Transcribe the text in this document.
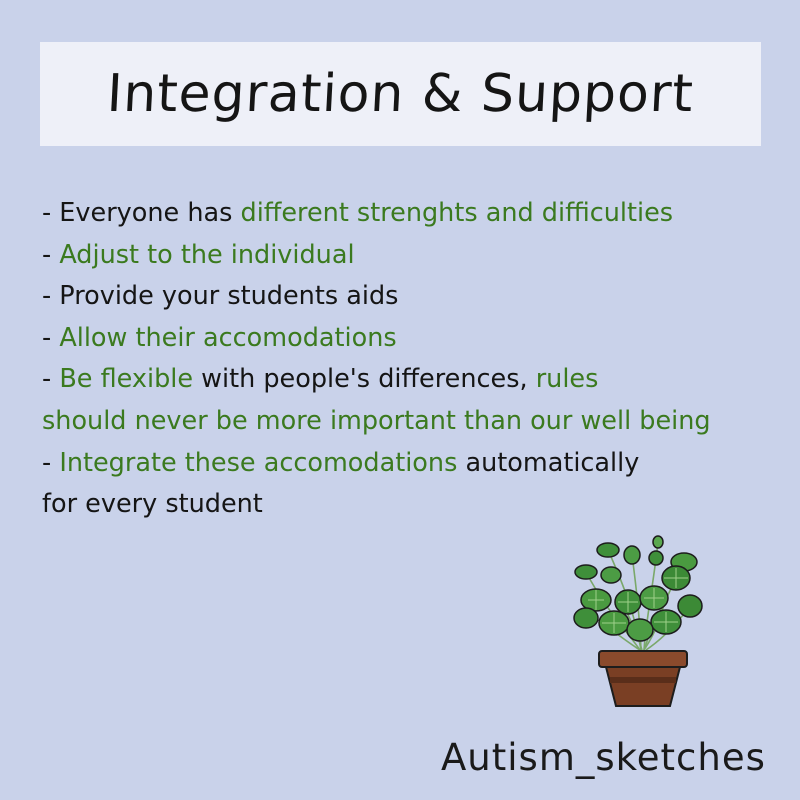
Integration & Support
- Everyone has different strenghts and difficulties
- Adjust to the individual
- Provide your students aids
- Allow their accomodations
- Be flexible with people's differences, rules
should never be more important than our well being
- Integrate these accomodations automatically
for every student
Autism_sketches
